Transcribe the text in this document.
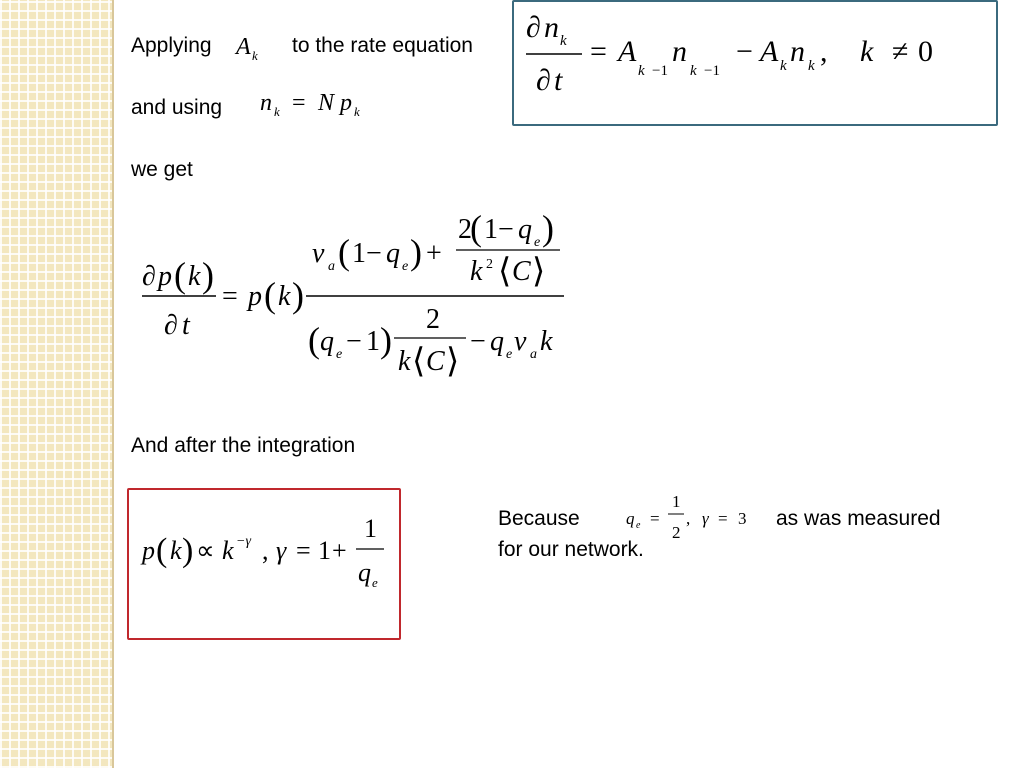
Applying A k to the rate equation
∂ n k
∂ t
= A
k −1
n
k −1
− A k n k , k ≠ 0
and using n k = N p k
we get
∂ p ( k )
∂ t
= p ( k )
ν a ( 1 − q e ) +
2
( 1 − q e )
k 2 ⟨ C ⟩
( q e − 1 )
2
k ⟨ C ⟩
− q e ν a k
And after the integration
p ( k ) ∝ k −γ , γ = 1 +
1
q e
Because	q e =
1
2
, γ = 3 as was measured
for our network.
